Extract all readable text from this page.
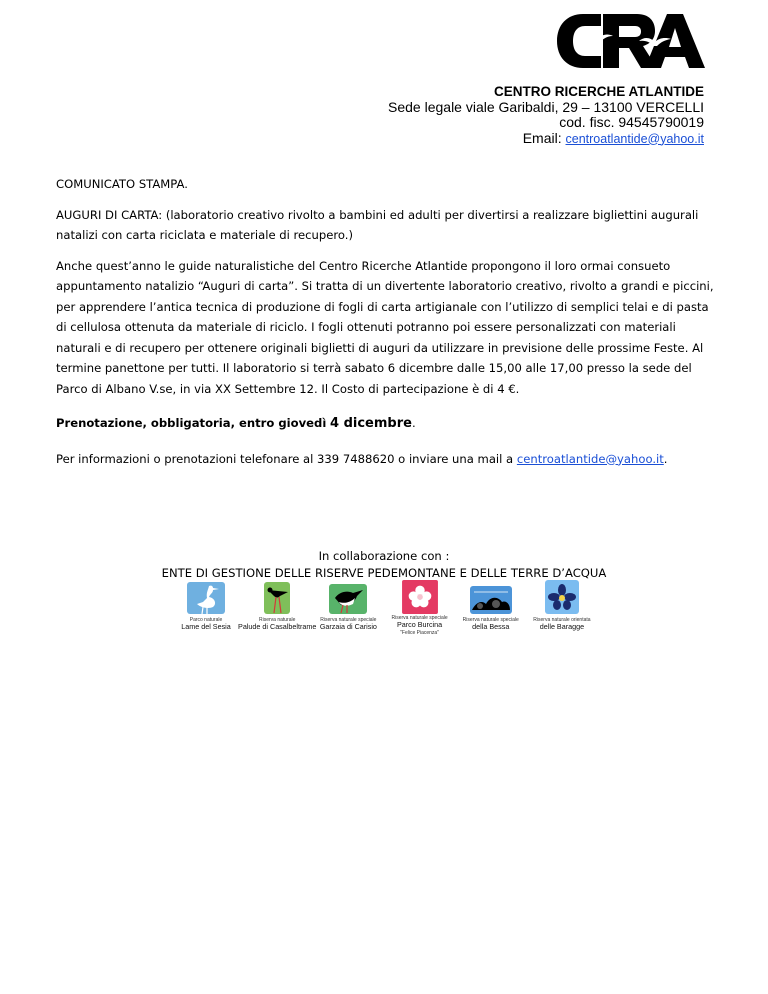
CENTRO RICERCHE ATLANTIDE
Sede legale viale Garibaldi, 29 – 13100 VERCELLI
cod. fisc. 94545790019
Email: centroatlantide@yahoo.it

COMUNICATO STAMPA.

AUGURI DI CARTA: (laboratorio creativo rivolto a bambini ed adulti per divertirsi a realizzare bigliettini augurali natalizi con carta riciclata e materiale di recupero.)

Anche quest’anno le guide naturalistiche del Centro Ricerche Atlantide propongono il loro ormai consueto appuntamento natalizio “Auguri di carta”. Si tratta di un divertente laboratorio creativo, rivolto a grandi e piccini, per apprendere l’antica tecnica di produzione di fogli di carta artigianale con l’utilizzo di semplici telai e di pasta di cellulosa ottenuta da materiale di riciclo. I fogli ottenuti potranno poi essere personalizzati con materiali naturali e di recupero per ottenere originali biglietti di auguri da utilizzare in previsione delle prossime Feste. Al termine panettone per tutti. Il laboratorio si terrà sabato 6 dicembre dalle 15,00 alle 17,00 presso la sede del Parco di Albano V.se, in via XX Settembre 12. Il Costo di partecipazione è di 4 €.

Prenotazione, obbligatoria, entro giovedì 4 dicembre.

Per informazioni o prenotazioni telefonare al 339 7488620 o inviare una mail a centroatlantide@yahoo.it.

In collaborazione con :
ENTE DI GESTIONE DELLE RISERVE PEDEMONTANE E DELLE TERRE D’ACQUA
Parco naturale
Lame del Sesia
Riserva naturale
Palude di Casalbeltrame
Riserva naturale speciale
Garzaia di Carisio
Riserva naturale speciale
Parco Burcina
"Felice Piacenza"
Riserva naturale speciale
della Bessa
Riserva naturale orientata
delle Baragge
